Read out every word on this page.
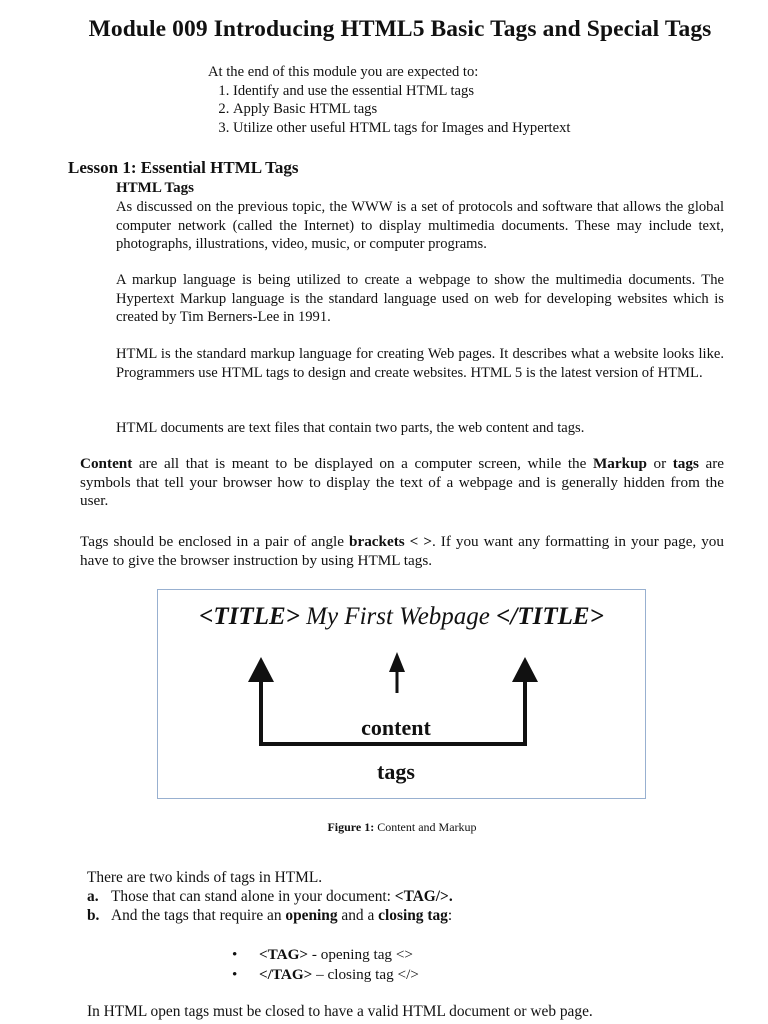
Module 009 Introducing HTML5 Basic Tags and Special Tags
At the end of this module you are expected to:
1. Identify and use the essential HTML tags
2. Apply Basic HTML tags
3. Utilize other useful HTML tags for Images and Hypertext
Lesson 1: Essential HTML Tags
HTML Tags
As discussed on the previous topic, the WWW is a set of protocols and software that allows the global computer network (called the Internet) to display multimedia documents. These may include text, photographs, illustrations, video, music, or computer programs.
A markup language is being utilized to create a webpage to show the multimedia documents. The Hypertext Markup language is the standard language used on web for developing websites which is created by Tim Berners-Lee in 1991.
HTML is the standard markup language for creating Web pages. It describes what a website looks like. Programmers use HTML tags to design and create websites. HTML 5 is the latest version of HTML.
HTML documents are text files that contain two parts, the web content and tags.
Content are all that is meant to be displayed on a computer screen, while the Markup or tags are symbols that tell your browser how to display the text of a webpage and is generally hidden from the user.
Tags should be enclosed in a pair of angle brackets < >. If you want any formatting in your page, you have to give the browser instruction by using HTML tags.
<TITLE> My First Webpage </TITLE>
content
tags
Figure 1: Content and Markup
There are two kinds of tags in HTML.
a. Those that can stand alone in your document: <TAG/>.
b. And the tags that require an opening and a closing tag:
• <TAG> - opening tag <>
• </TAG> – closing tag </>
In HTML open tags must be closed to have a valid HTML document or web page.
